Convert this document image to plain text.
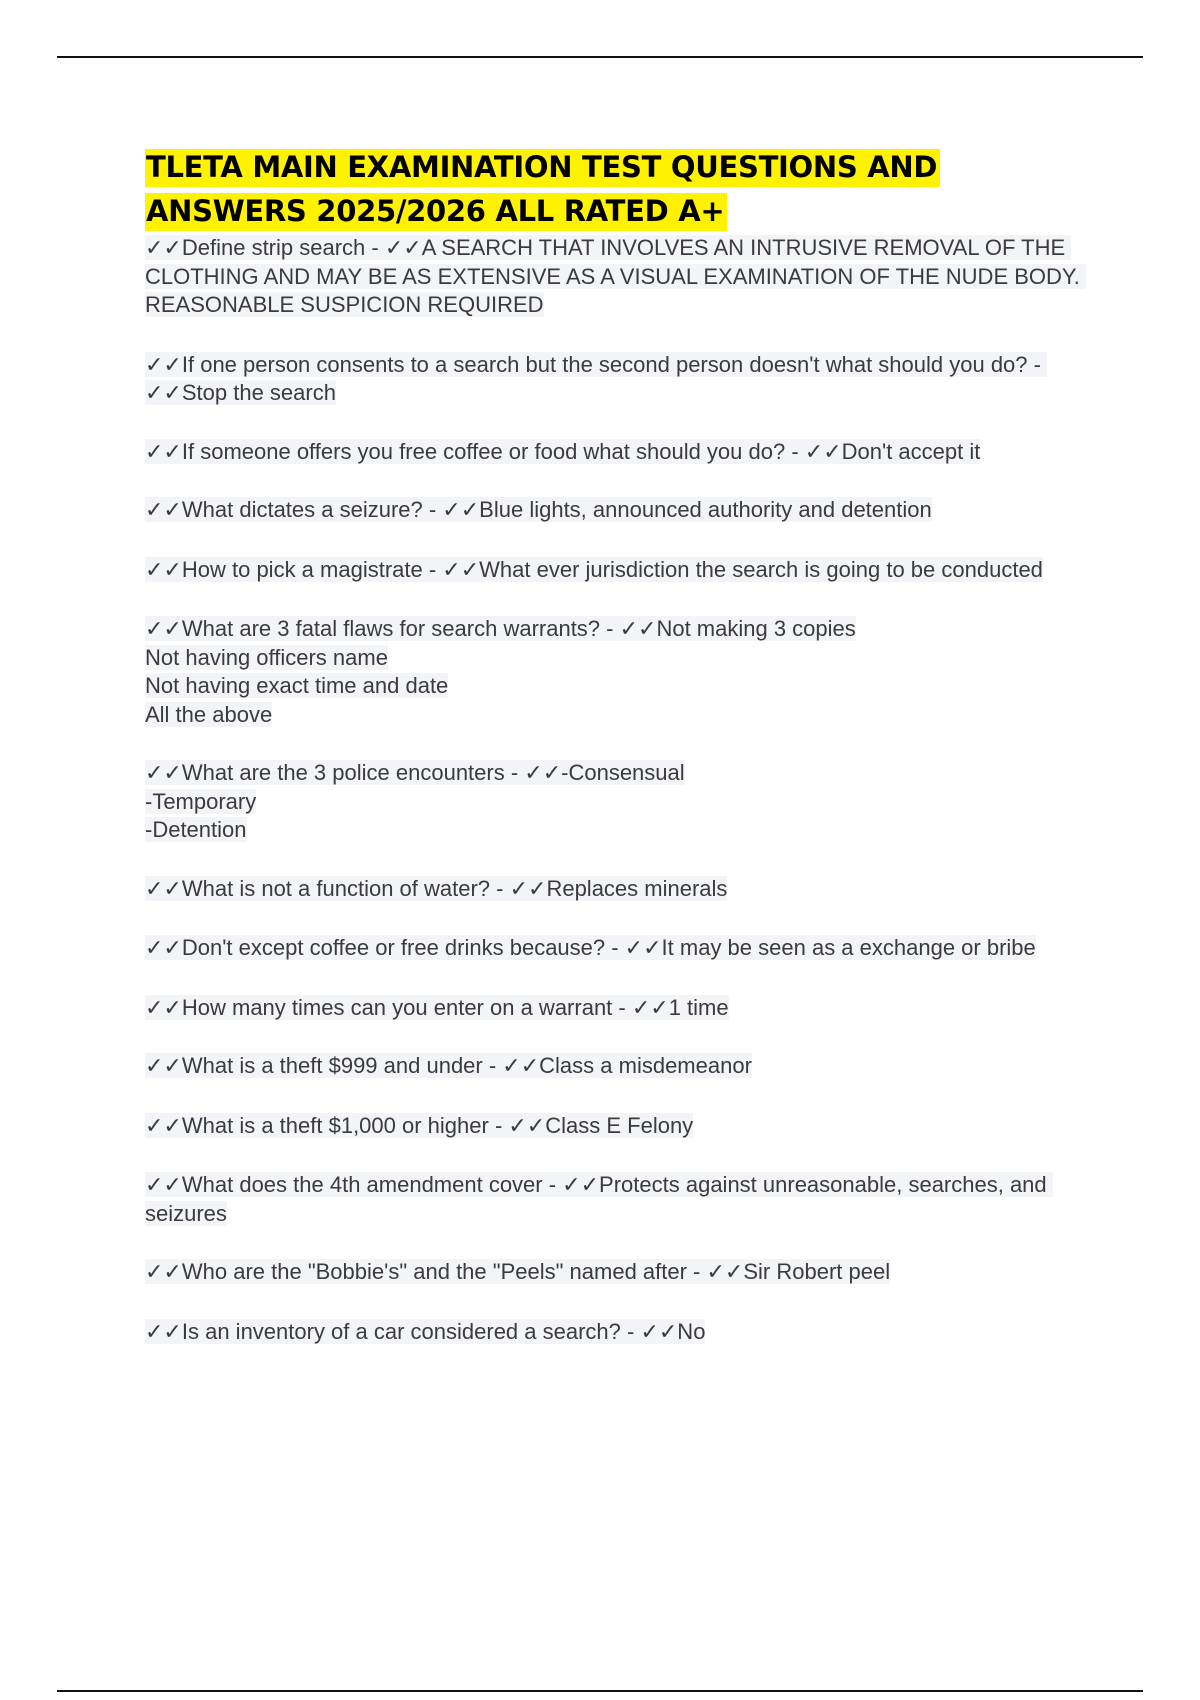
TLETA MAIN EXAMINATION TEST QUESTIONS AND ANSWERS 2025/2026 ALL RATED A+
✓✓Define strip search - ✓✓A SEARCH THAT INVOLVES AN INTRUSIVE REMOVAL OF THE CLOTHING AND MAY BE AS EXTENSIVE AS A VISUAL EXAMINATION OF THE NUDE BODY. REASONABLE SUSPICION REQUIRED
✓✓If one person consents to a search but the second person doesn't what should you do? - ✓✓Stop the search
✓✓If someone offers you free coffee or food what should you do? - ✓✓Don't accept it
✓✓What dictates a seizure? - ✓✓Blue lights, announced authority and detention
✓✓How to pick a magistrate - ✓✓What ever jurisdiction the search is going to be conducted
✓✓What are 3 fatal flaws for search warrants? - ✓✓Not making 3 copies
Not having officers name
Not having exact time and date
All the above
✓✓What are the 3 police encounters - ✓✓-Consensual
-Temporary
-Detention
✓✓What is not a function of water? - ✓✓Replaces minerals
✓✓Don't except coffee or free drinks because? - ✓✓It may be seen as a exchange or bribe
✓✓How many times can you enter on a warrant - ✓✓1 time
✓✓What is a theft $999 and under - ✓✓Class a misdemeanor
✓✓What is a theft $1,000 or higher - ✓✓Class E Felony
✓✓What does the 4th amendment cover - ✓✓Protects against unreasonable, searches, and seizures
✓✓Who are the "Bobbie's" and the "Peels" named after - ✓✓Sir Robert peel
✓✓Is an inventory of a car considered a search? - ✓✓No
